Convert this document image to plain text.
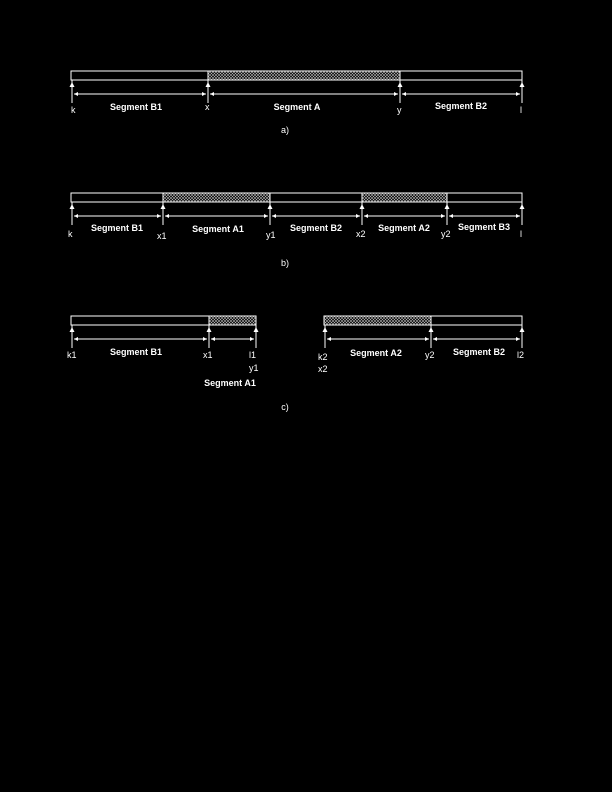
k	x	y	l
Segment B1	Segment A	Segment B2
a)
k	x1	y1	x2	y2	l
Segment B1	Segment A1	Segment B2	Segment A2	Segment B3
b)
k1	x1	l1
y1
Segment B1
Segment A1
k2
x2
y2	l2
Segment A2	Segment B2
c)
